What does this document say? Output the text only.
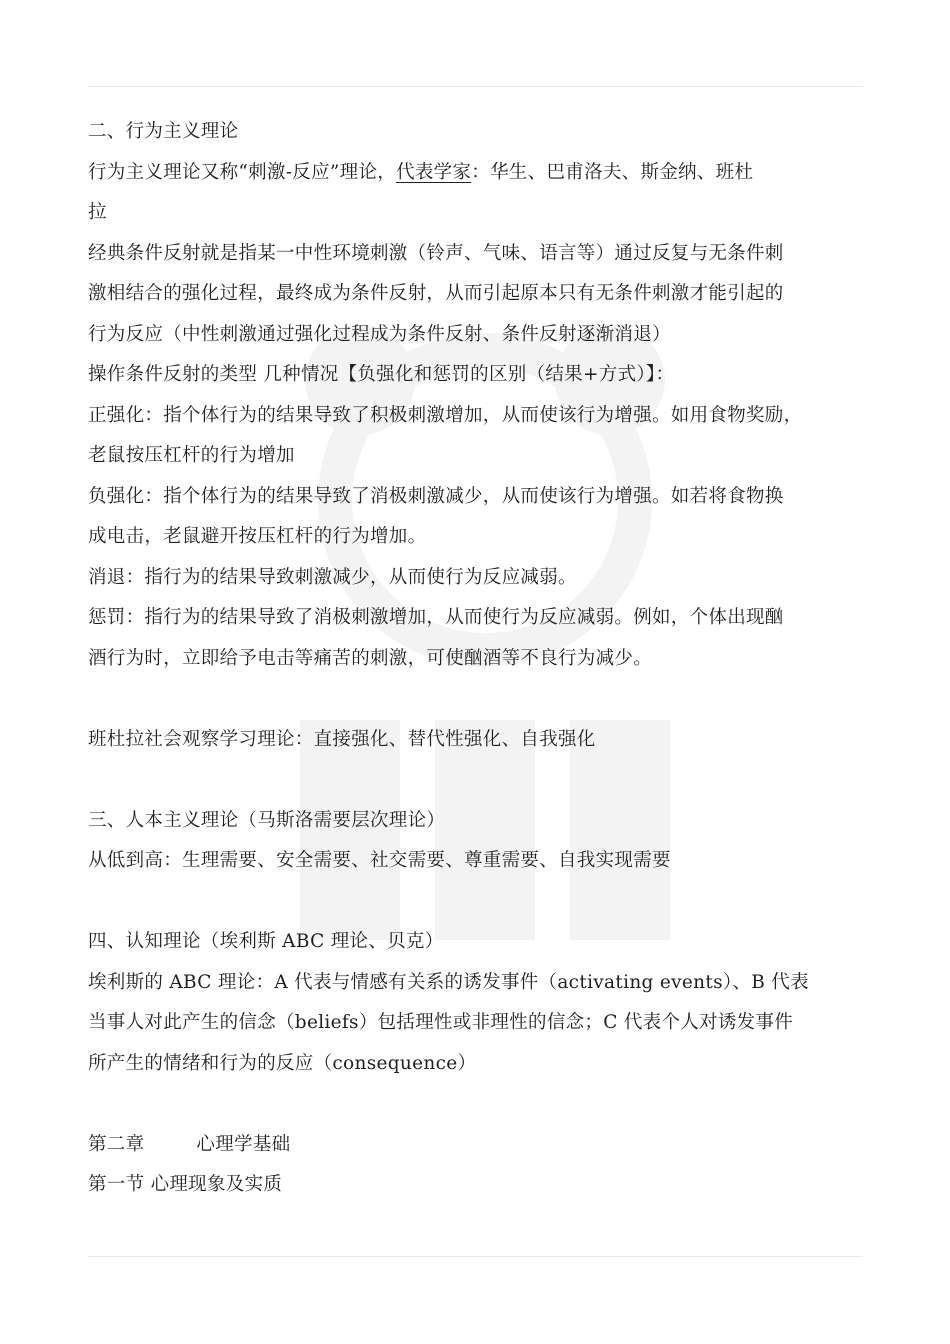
二、行为主义理论

行为主义理论又称“刺激-反应”理论，代表学家：华生、巴甫洛夫、斯金纳、班杜

拉

经典条件反射就是指某一中性环境刺激（铃声、气味、语言等）通过反复与无条件刺

激相结合的强化过程，最终成为条件反射，从而引起原本只有无条件刺激才能引起的

行为反应（中性刺激通过强化过程成为条件反射、条件反射逐渐消退）

操作条件反射的类型 几种情况【负强化和惩罚的区别（结果+方式）】：

正强化：指个体行为的结果导致了积极刺激增加，从而使该行为增强。如用食物奖励，

老鼠按压杠杆的行为增加

负强化：指个体行为的结果导致了消极刺激减少，从而使该行为增强。如若将食物换

成电击，老鼠避开按压杠杆的行为增加。

消退：指行为的结果导致刺激减少，从而使行为反应减弱。

惩罚：指行为的结果导致了消极刺激增加，从而使行为反应减弱。例如，个体出现酗

酒行为时，立即给予电击等痛苦的刺激，可使酗酒等不良行为减少。

班杜拉社会观察学习理论：直接强化、替代性强化、自我强化

三、人本主义理论（马斯洛需要层次理论）

从低到高：生理需要、安全需要、社交需要、尊重需要、自我实现需要

四、认知理论（埃利斯 ABC 理论、贝克）

埃利斯的 ABC 理论：A 代表与情感有关系的诱发事件（activating events）、B 代表

当事人对此产生的信念（beliefs）包括理性或非理性的信念；C 代表个人对诱发事件

所产生的情绪和行为的反应（consequence）

第二章	心理学基础

第一节 心理现象及实质
